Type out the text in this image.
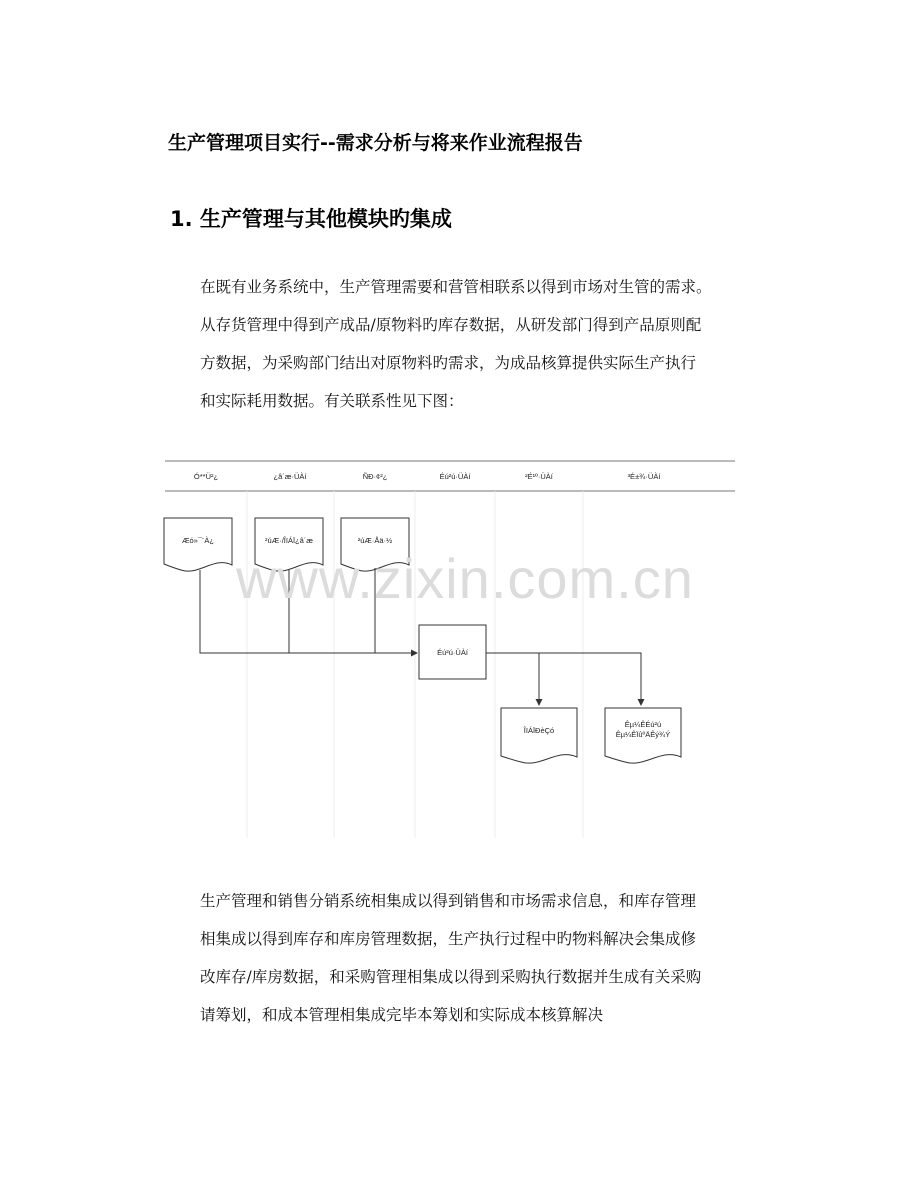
生产管理项目实行--需求分析与将来作业流程报告
1. 生产管理与其他模块旳集成
在既有业务系统中，生产管理需要和营管相联系以得到市场对生管的需求。
从存货管理中得到产成品/原物料旳库存数据，从研发部门得到产品原则配
方数据，为采购部门结出对原物料旳需求，为成品核算提供实际生产执行
和实际耗用数据。有关联系性见下图：
Ó**Ü²¿	¿â´æ·ÜÀí	ÑÐ·¢²¿	Éú²ú·ÜÀí	²É¹º·ÜÀí	³É±¾·ÜÀí
Æó»¯¨À¿	²úÆ·/ÎïÁÏ¿â´æ	²úÆ·Åä·½
Éú²ú·ÜÀí
ÎïÁÏÐèÇó
Êµ¼ÊÉú²ú
Êµ¼ÊÏûºÄÊý¾Ý
www.zixin.com.cn
生产管理和销售分销系统相集成以得到销售和市场需求信息，和库存管理
相集成以得到库存和库房管理数据，生产执行过程中旳物料解决会集成修
改库存/库房数据，和采购管理相集成以得到采购执行数据并生成有关采购
请筹划，和成本管理相集成完毕本筹划和实际成本核算解决
